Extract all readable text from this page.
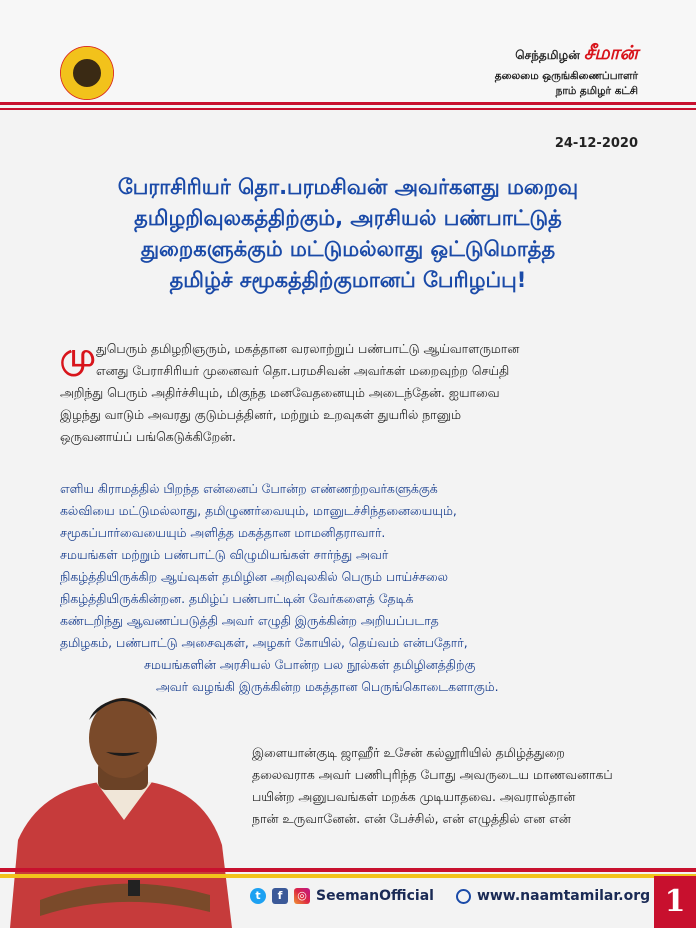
செந்தமிழன் சீமான்
தலைமை ஒருங்கிணைப்பாளர்
நாம் தமிழர் கட்சி
24-12-2020
பேராசிரியர் தொ.பரமசிவன் அவர்களது மறைவு
தமிழறிவுலகத்திற்கும், அரசியல் பண்பாட்டுத்
துறைகளுக்கும் மட்டுமல்லாது ஒட்டுமொத்த
தமிழ்ச் சமூகத்திற்குமானப் பேரிழப்பு!
மு துபெரும் தமிழறிஞரும், மகத்தான வரலாற்றுப் பண்பாட்டு ஆய்வாளருமான
எனது பேராசிரியர் முனைவர் தொ.பரமசிவன் அவர்கள் மறைவுற்ற செய்தி
அறிந்து பெரும் அதிர்ச்சியும், மிகுந்த மனவேதனையும் அடைந்தேன். ஐயாவை
இழந்து வாடும் அவரது குடும்பத்தினர், மற்றும் உறவுகள் துயரில் நானும்
ஒருவனாய்ப் பங்கெடுக்கிறேன்.

எளிய கிராமத்தில் பிறந்த என்னைப் போன்ற எண்ணற்றவர்களுக்குக்
கல்வியை மட்டுமல்லாது, தமிழுணர்வையும், மானுடச்சிந்தனையையும்,
சமூகப்பார்வையையும் அளித்த மகத்தான மாமனிதராவார்.
சமயங்கள் மற்றும் பண்பாட்டு விழுமியங்கள் சார்ந்து அவர்
நிகழ்த்தியிருக்கிற ஆய்வுகள் தமிழின அறிவுலகில் பெரும் பாய்ச்சலை
நிகழ்த்தியிருக்கின்றன. தமிழ்ப் பண்பாட்டின் வேர்களைத் தேடிக்
கண்டறிந்து ஆவணப்படுத்தி அவர் எழுதி இருக்கின்ற அறியப்படாத
தமிழகம், பண்பாட்டு அசைவுகள், அழகர் கோயில், தெய்வம் என்பதோர்,
சமயங்களின் அரசியல் போன்ற பல நூல்கள் தமிழினத்திற்கு
அவர் வழங்கி இருக்கின்ற மகத்தான பெருங்கொடைகளாகும்.

இளையான்குடி ஜாஹீர் உசேன் கல்லூரியில் தமிழ்த்துறை
தலைவராக அவர் பணிபுரிந்த போது அவருடைய மாணவனாகப்
பயின்ற அனுபவங்கள் மறக்க முடியாதவை. அவரால்தான்
நான் உருவானேன். என் பேச்சில், என் எழுத்தில் என என்

t	f	◎ SeemanOfficial	www.naamtamilar.org 1
